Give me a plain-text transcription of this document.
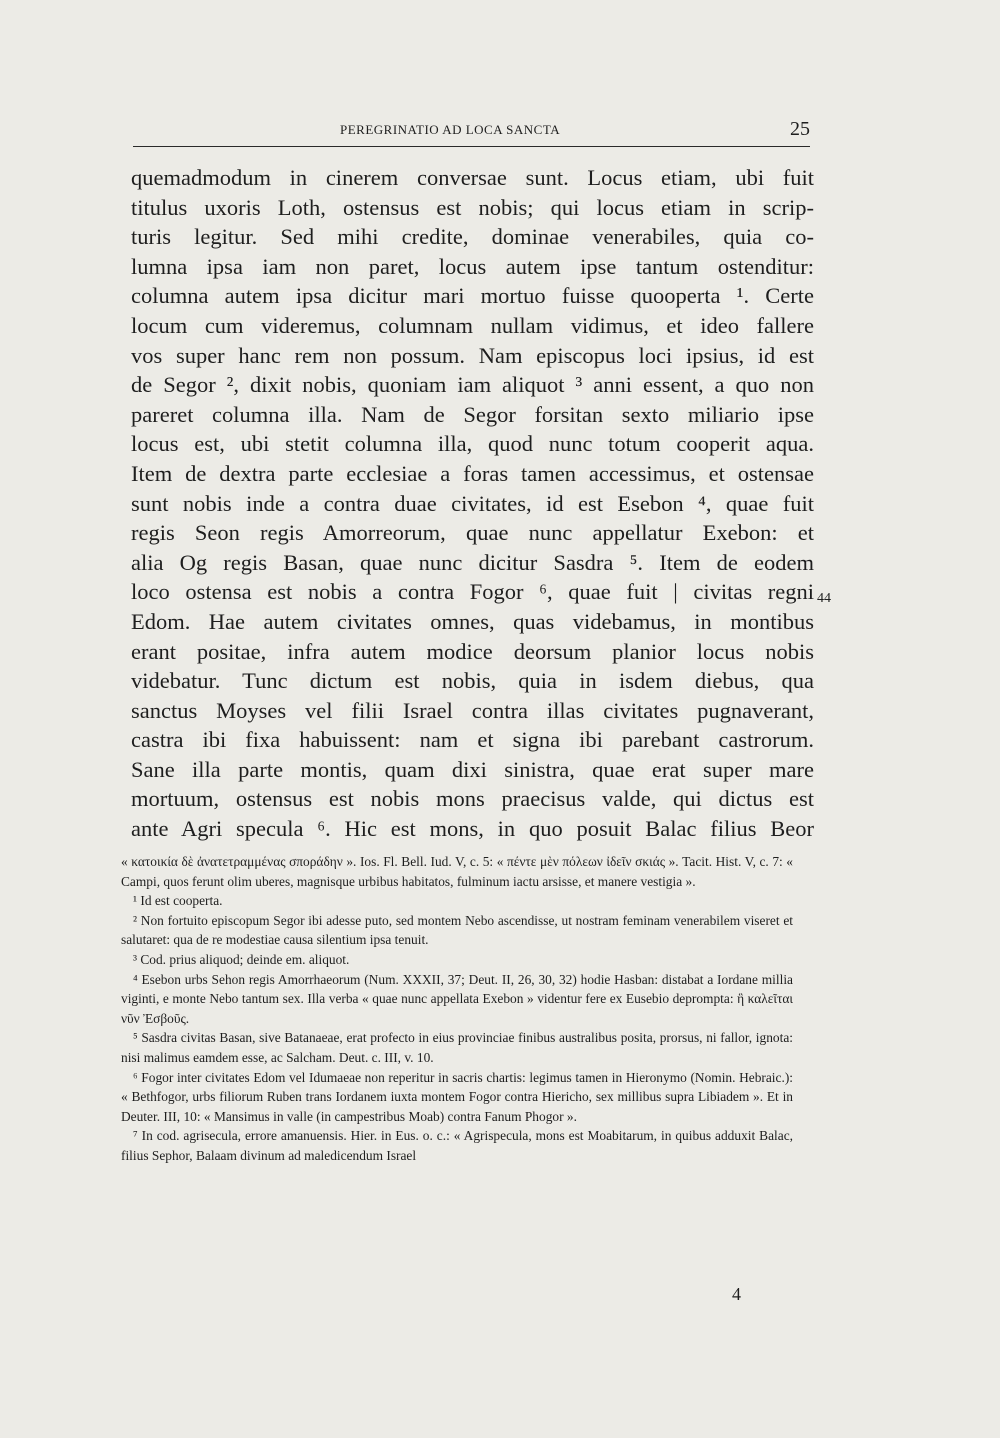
PEREGRINATIO AD LOCA SANCTA	25
quemadmodum in cinerem conversae sunt. Locus etiam, ubi fuit
titulus uxoris Loth, ostensus est nobis; qui locus etiam in scrip-
turis legitur. Sed mihi credite, dominae venerabiles, quia co-
lumna ipsa iam non paret, locus autem ipse tantum ostenditur:
columna autem ipsa dicitur mari mortuo fuisse quooperta ¹. Certe
locum cum videremus, columnam nullam vidimus, et ideo fallere
vos super hanc rem non possum. Nam episcopus loci ipsius, id est
de Segor ², dixit nobis, quoniam iam aliquot ³ anni essent, a quo non
pareret columna illa. Nam de Segor forsitan sexto miliario ipse
locus est, ubi stetit columna illa, quod nunc totum cooperit aqua.
Item de dextra parte ecclesiae a foras tamen accessimus, et ostensae
sunt nobis inde a contra duae civitates, id est Esebon ⁴, quae fuit
regis Seon regis Amorreorum, quae nunc appellatur Exebon: et
alia Og regis Basan, quae nunc dicitur Sasdra ⁵. Item de eodem
loco ostensa est nobis a contra Fogor ⁶, quae fuit | civitas regni
Edom. Hae autem civitates omnes, quas videbamus, in montibus
erant positae, infra autem modice deorsum planior locus nobis
videbatur. Tunc dictum est nobis, quia in isdem diebus, qua
sanctus Moyses vel filii Israel contra illas civitates pugnaverant,
castra ibi fixa habuissent: nam et signa ibi parebant castrorum.
Sane illa parte montis, quam dixi sinistra, quae erat super mare
mortuum, ostensus est nobis mons praecisus valde, qui dictus est
ante Agri specula ⁶. Hic est mons, in quo posuit Balac filius Beor
44

« κατοικία δὲ ἀνατετραμμένας σποράδην ». Ios. Fl. Bell. Iud. V, c. 5: « πέντε μὲν πόλεων ἰδεῖν σκιάς ». Tacit. Hist. V, c. 7: « Campi, quos ferunt olim uberes, magnisque urbibus habitatos, fulminum iactu arsisse, et manere vestigia ».

¹ Id est cooperta.

² Non fortuito episcopum Segor ibi adesse puto, sed montem Nebo ascendisse, ut nostram feminam venerabilem viseret et salutaret: qua de re modestiae causa silentium ipsa tenuit.

³ Cod. prius aliquod; deinde em. aliquot.

⁴ Esebon urbs Sehon regis Amorrhaeorum (Num. XXXII, 37; Deut. II, 26, 30, 32) hodie Hasban: distabat a Iordane millia viginti, e monte Nebo tantum sex. Illa verba « quae nunc appellata Exebon » videntur fere ex Eusebio deprompta: ἣ καλεῖται νῦν Ἐσβοῦς.

⁵ Sasdra civitas Basan, sive Batanaeae, erat profecto in eius provinciae finibus australibus posita, prorsus, ni fallor, ignota: nisi malimus eamdem esse, ac Salcham. Deut. c. III, v. 10.

⁶ Fogor inter civitates Edom vel Idumaeae non reperitur in sacris chartis: legimus tamen in Hieronymo (Nomin. Hebraic.): « Bethfogor, urbs filiorum Ruben trans Iordanem iuxta montem Fogor contra Hiericho, sex millibus supra Libiadem ». Et in Deuter. III, 10: « Mansimus in valle (in campestribus Moab) contra Fanum Phogor ».

⁷ In cod. agrisecula, errore amanuensis. Hier. in Eus. o. c.: « Agrispecula, mons est Moabitarum, in quibus adduxit Balac, filius Sephor, Balaam divinum ad maledicendum Israel

4
